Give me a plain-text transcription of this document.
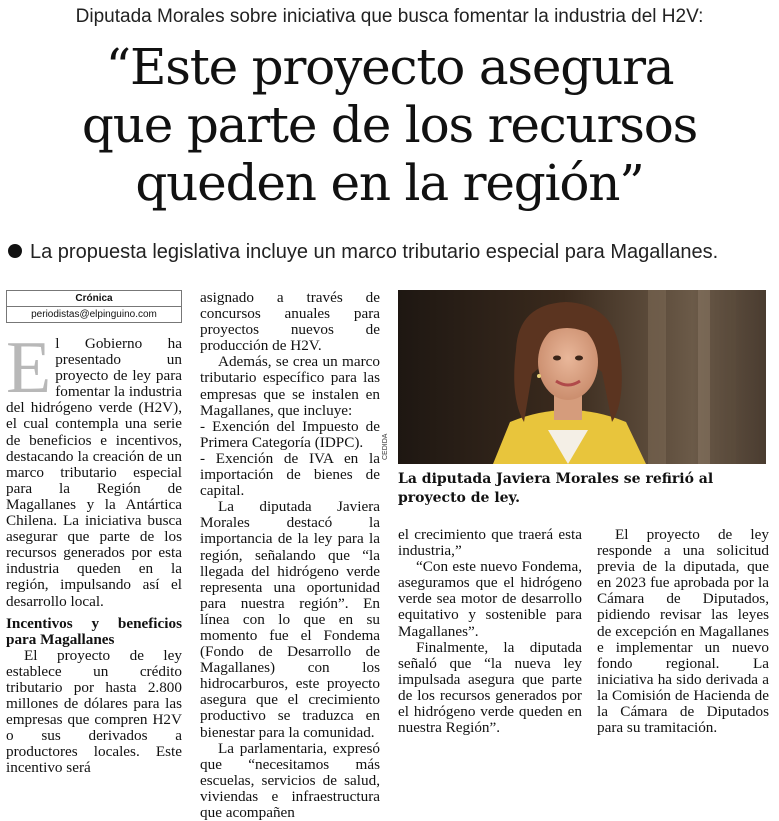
Diputada Morales sobre iniciativa que busca fomentar la industria del H2V:
“Este proyecto asegura
que parte de los recursos
queden en la región”
La propuesta legislativa incluye un marco tributario especial para Magallanes.
Crónica
periodistas@elpinguino.com
E l Gobierno ha presentado un proyecto de ley para fomentar la industria del hidrógeno verde (H2V), el cual contempla una serie de beneficios e incentivos, destacando la creación de un marco tributario especial para la Región de Magallanes y la Antártica Chilena. La iniciativa busca asegurar que parte de los recursos generados por esta industria queden en la región, impulsando así el desarrollo local.

Incentivos y beneficios para Magallanes

El proyecto de ley establece un crédito tributario por hasta 2.800 millones de dólares para las empresas que compren H2V o sus derivados a productores locales. Este incentivo será

asignado a través de concursos anuales para proyectos nuevos de producción de H2V.

Además, se crea un marco tributario específico para las empresas que se instalen en Magallanes, que incluye:

- Exención del Impuesto de Primera Categoría (IDPC).

- Exención de IVA en la importación de bienes de capital.

La diputada Javiera Morales destacó la importancia de la ley para la región, señalando que “la llegada del hidrógeno verde representa una oportunidad para nuestra región”. En línea con lo que en su momento fue el Fondema (Fondo de Desarrollo de Magallanes) con los hidrocarburos, este proyecto asegura que el crecimiento productivo se traduzca en bienestar para la comunidad.

La parlamentaria, expresó que “necesitamos más escuelas, servicios de salud, viviendas e infraestructura que acompañen

CEDIDA
La diputada Javiera Morales se refirió al proyecto de ley.

el crecimiento que traerá esta industria,”

“Con este nuevo Fondema, aseguramos que el hidrógeno verde sea motor de desarrollo equitativo y sostenible para Magallanes”.

Finalmente, la diputada señaló que “la nueva ley impulsada asegura que parte de los recursos generados por el hidrógeno verde queden en nuestra Región”.

El proyecto de ley responde a una solicitud previa de la diputada, que en 2023 fue aprobada por la Cámara de Diputados, pidiendo revisar las leyes de excepción en Magallanes e implementar un nuevo fondo regional. La iniciativa ha sido derivada a la Comisión de Hacienda de la Cámara de Diputados para su tramitación.
